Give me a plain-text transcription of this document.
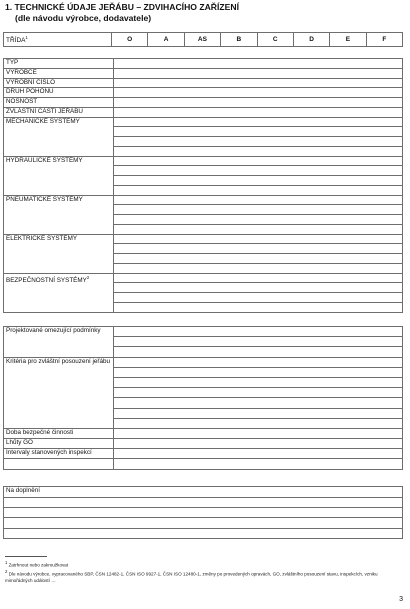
1. TECHNICKÉ ÚDAJE JEŘÁBU – ZDVIHACÍHO ZAŘÍZENÍ
(dle návodu výrobce, dodavatele)
TŘÍDA$^1$	O	A	AS	B	C	D	E	F
TYP	
VÝROBCE	
VÝROBNÍ ČÍSLO	
DRUH POHONU	
NOSNOST	
ZVLÁŠTNÍ ČÁSTI JEŘÁBU	
MECHANICKÉ SYSTÉMY	

HYDRAULICKÉ SYSTÉMY	

PNEUMATICKÉ SYSTÉMY	

ELEKTRICKÉ SYSTÉMY	

BEZPEČNOSTNÍ SYSTÉMY$^2$	

Projektované omezující podmínky	

Kritéria pro zvláštní posouzení jeřábu	

Doba bezpečné činnosti	
Lhůty GO	
Intervaly stanovených inspekcí	

Na doplnění

$^1$ Zatrhnout nebo zakroužkovat
$^2$ Dle návodu výrobce, vypracovaného SBP, ČSN 12482-1, ČSN ISO 9927-1, ČSN ISO 12480-1, změny po provedených opravách, GO, zvláštního posouzení stavu, inspekcích, vzniku mimořádných událostí …
3
